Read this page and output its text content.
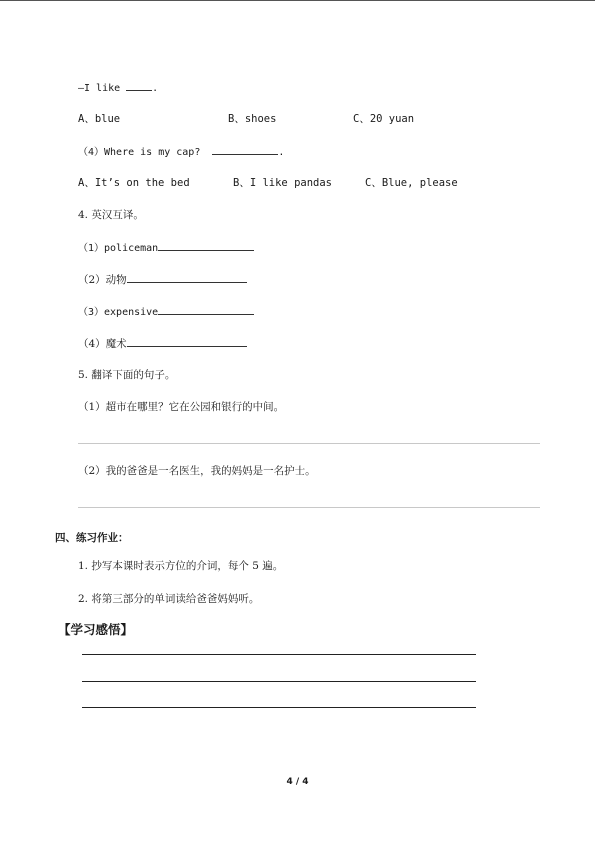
—I like	.
A、blue	B、shoes	C、20 yuan
（4）Where is my cap?	.
A、It’s on the bed	B、I like pandas	C、Blue, please
4. 英汉互译。
（1）policeman
（2）动物
（3）expensive
（4）魔术
5. 翻译下面的句子。
（1）超市在哪里？它在公园和银行的中间。
（2）我的爸爸是一名医生，我的妈妈是一名护士。
四、练习作业：
1. 抄写本课时表示方位的介词，每个 5 遍。
2. 将第三部分的单词读给爸爸妈妈听。
【学习感悟】
4 / 4
